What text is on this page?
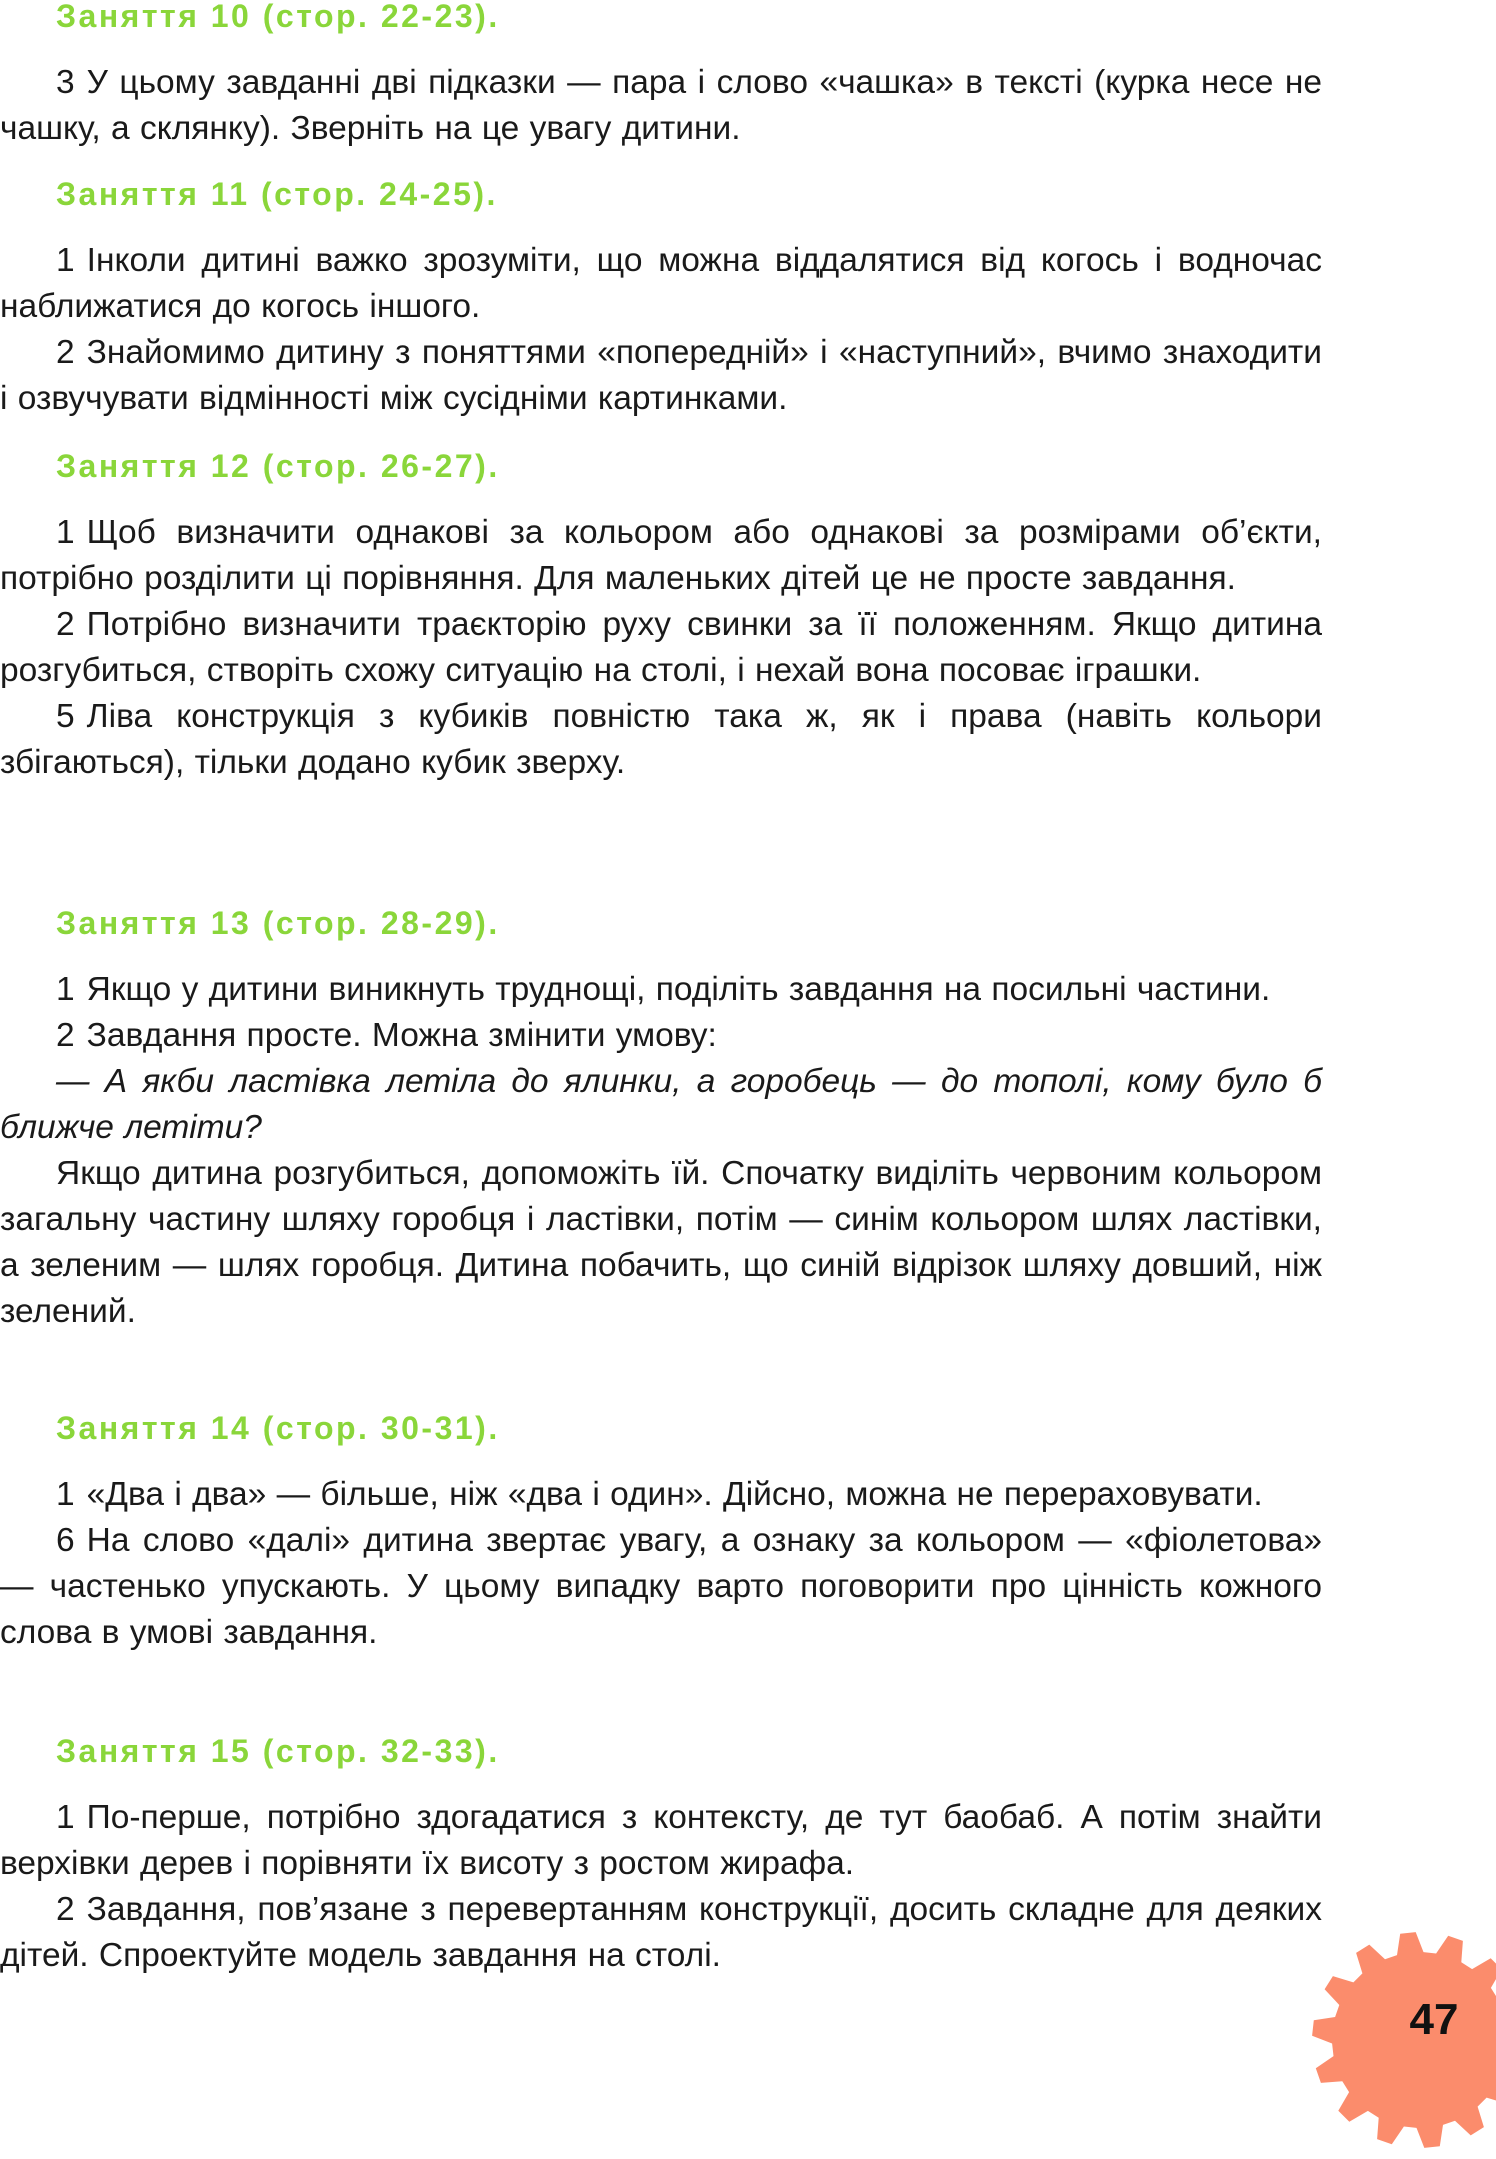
Заняття 10 (стор. 22-23).

3 У цьому завданні дві підказки — пара і слово «чашка» в тексті (курка несе не чашку, а склянку). Зверніть на це увагу дитини.

Заняття 11 (стор. 24-25).

1 Інколи дитині важко зрозуміти, що можна віддалятися від когось і водночас наближатися до когось іншого.

2 Знайомимо дитину з поняттями «попередній» і «наступний», вчимо знаходити і озвучувати відмінності між сусідніми картинками.

Заняття 12 (стор. 26-27).

1 Щоб визначити однакові за кольором або однакові за розмірами об’єкти, потрібно розділити ці порівняння. Для маленьких дітей це не просте завдання.

2 Потрібно визначити траєкторію руху свинки за її положенням. Якщо дитина розгубиться, створіть схожу ситуацію на столі, і нехай вона посоває іграшки.

5 Ліва конструкція з кубиків повністю така ж, як і права (навіть кольори збігаються), тільки додано кубик зверху.

Заняття 13 (стор. 28-29).

1 Якщо у дитини виникнуть труднощі, поділіть завдання на посильні частини.

2 Завдання просте. Можна змінити умову:

— А якби ластівка летіла до ялинки, а горобець — до тополі, кому було б ближче летіти?

Якщо дитина розгубиться, допоможіть їй. Спочатку виділіть червоним кольором загальну частину шляху горобця і ластівки, потім — синім кольором шлях ластівки, а зеленим — шлях горобця. Дитина побачить, що синій відрізок шляху довший, ніж зелений.

Заняття 14 (стор. 30-31).

1 «Два і два» — більше, ніж «два і один». Дійсно, можна не перераховувати.

6 На слово «далі» дитина звертає увагу, а ознаку за кольором — «фіолетова» — частенько упускають. У цьому випадку варто поговорити про цінність кожного слова в умові завдання.

Заняття 15 (стор. 32-33).

1 По-перше, потрібно здогадатися з контексту, де тут баобаб. А потім знайти верхівки дерев і порівняти їх висоту з ростом жирафа.

2 Завдання, пов’язане з перевертанням конструкції, досить складне для деяких дітей. Спроектуйте модель завдання на столі.

47
